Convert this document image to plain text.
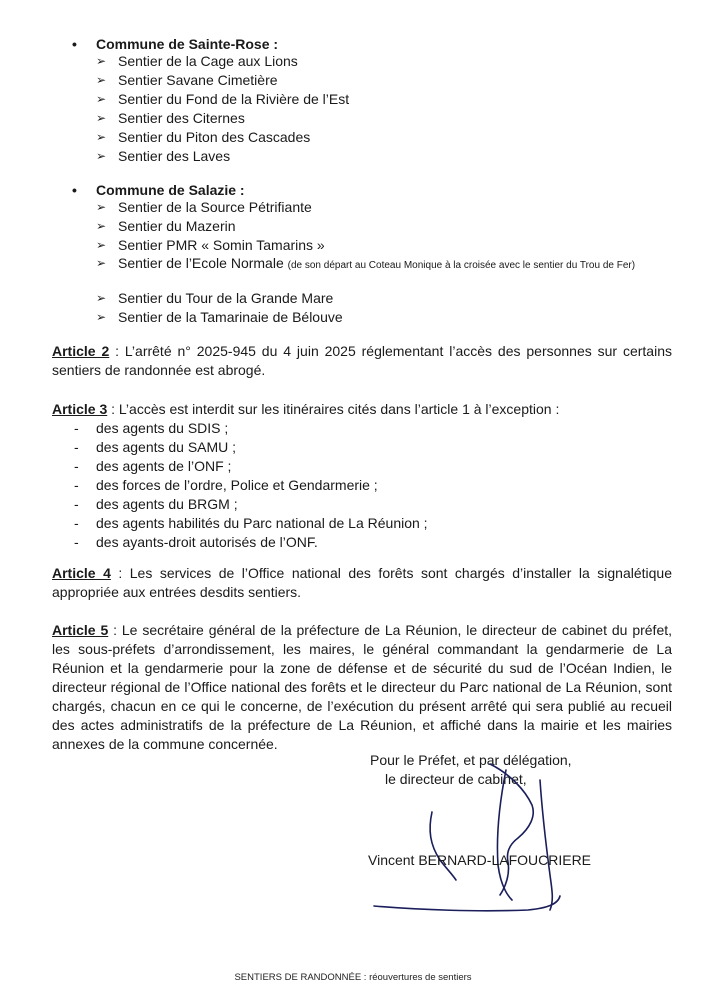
• Commune de Sainte-Rose :
➢ Sentier de la Cage aux Lions
➢ Sentier Savane Cimetière
➢ Sentier du Fond de la Rivière de l’Est
➢ Sentier des Citernes
➢ Sentier du Piton des Cascades
➢ Sentier des Laves
• Commune de Salazie :
➢ Sentier de la Source Pétrifiante
➢ Sentier du Mazerin
➢ Sentier PMR « Somin Tamarins »
➢ Sentier de l’Ecole Normale (de son départ au Coteau Monique à la croisée avec le sentier du Trou de Fer)
➢ Sentier du Tour de la Grande Mare
➢ Sentier de la Tamarinaie de Bélouve

Article 2 : L’arrêté n° 2025-945 du 4 juin 2025 réglementant l’accès des personnes sur certains sentiers de randonnée est abrogé.

Article 3 : L’accès est interdit sur les itinéraires cités dans l’article 1 à l’exception :

- des agents du SDIS ;
- des agents du SAMU ;
- des agents de l’ONF ;
- des forces de l’ordre, Police et Gendarmerie ;
- des agents du BRGM ;
- des agents habilités du Parc national de La Réunion ;
- des ayants-droit autorisés de l’ONF.

Article 4 : Les services de l’Office national des forêts sont chargés d’installer la signalétique appropriée aux entrées desdits sentiers.

Article 5 : Le secrétaire général de la préfecture de La Réunion, le directeur de cabinet du préfet, les sous-préfets d’arrondissement, les maires, le général commandant la gendarmerie de La Réunion et la gendarmerie pour la zone de défense et de sécurité du sud de l’Océan Indien, le directeur régional de l’Office national des forêts et le directeur du Parc national de La Réunion, sont chargés, chacun en ce qui le concerne, de l’exécution du présent arrêté qui sera publié au recueil des actes administratifs de la préfecture de La Réunion, et affiché dans la mairie et les mairies annexes de la commune concernée.

Pour le Préfet, et par délégation,
le directeur de cabinet,
Vincent BERNARD-LAFOUCRIERE
SENTIERS DE RANDONNÉE : réouvertures de sentiers
